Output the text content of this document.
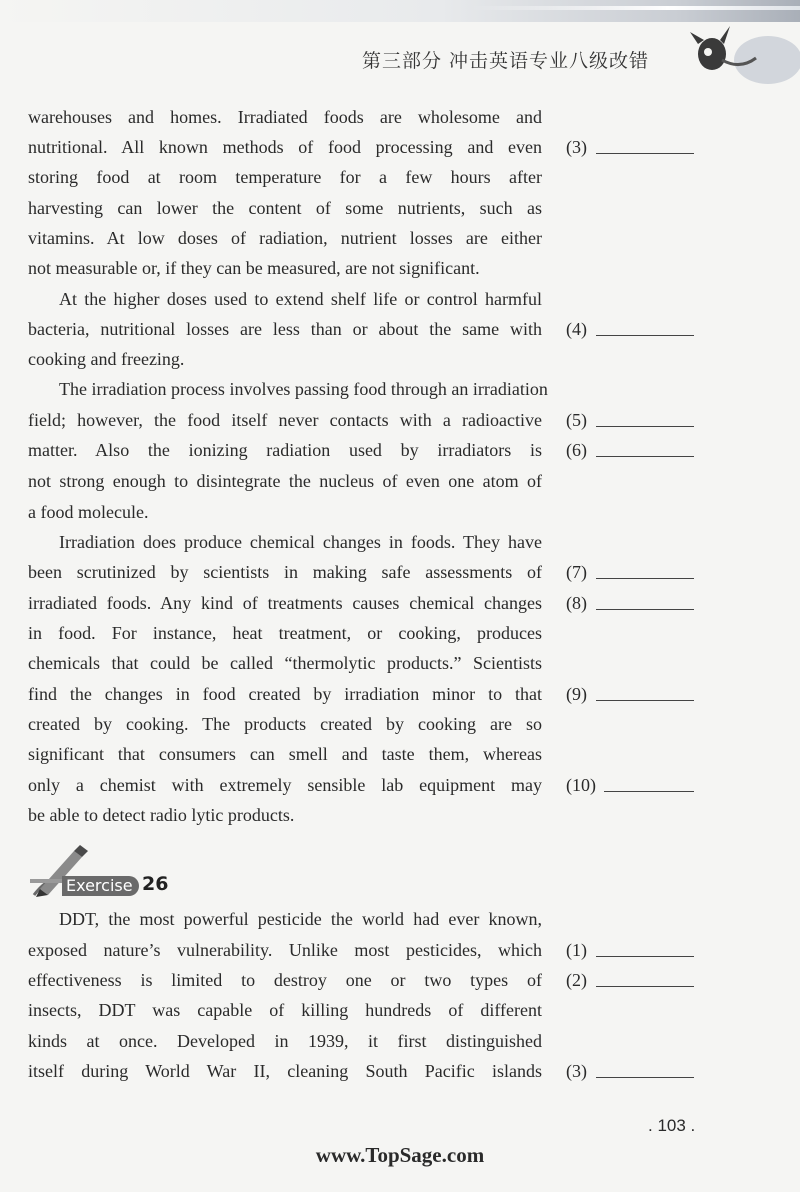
第三部分 冲击英语专业八级改错
warehouses and homes. Irradiated foods are wholesome and
nutritional. All known methods of food processing and even
storing food at room temperature for a few hours after
harvesting can lower the content of some nutrients, such as
vitamins. At low doses of radiation, nutrient losses are either
not measurable or, if they can be measured, are not significant.
At the higher doses used to extend shelf life or control harmful
bacteria, nutritional losses are less than or about the same with
cooking and freezing.
The irradiation process involves passing food through an irradiation
field; however, the food itself never contacts with a radioactive
matter. Also the ionizing radiation used by irradiators is
not strong enough to disintegrate the nucleus of even one atom of
a food molecule.
Irradiation does produce chemical changes in foods. They have
been scrutinized by scientists in making safe assessments of
irradiated foods. Any kind of treatments causes chemical changes
in food. For instance, heat treatment, or cooking, produces
chemicals that could be called “thermolytic products.” Scientists
find the changes in food created by irradiation minor to that
created by cooking. The products created by cooking are so
significant that consumers can smell and taste them, whereas
only a chemist with extremely sensible lab equipment may
be able to detect radio lytic products.
DDT, the most powerful pesticide the world had ever known,
exposed nature’s vulnerability. Unlike most pesticides, which
effectiveness is limited to destroy one or two types of
insects, DDT was capable of killing hundreds of different
kinds at once. Developed in 1939, it first distinguished
itself during World War II, cleaning South Pacific islands
(3)
(4)
(5)
(6)
(7)
(8)
(9)
(10)
(1)
(2)
(3)
Exercise 26
. 103 .
www.TopSage.com
